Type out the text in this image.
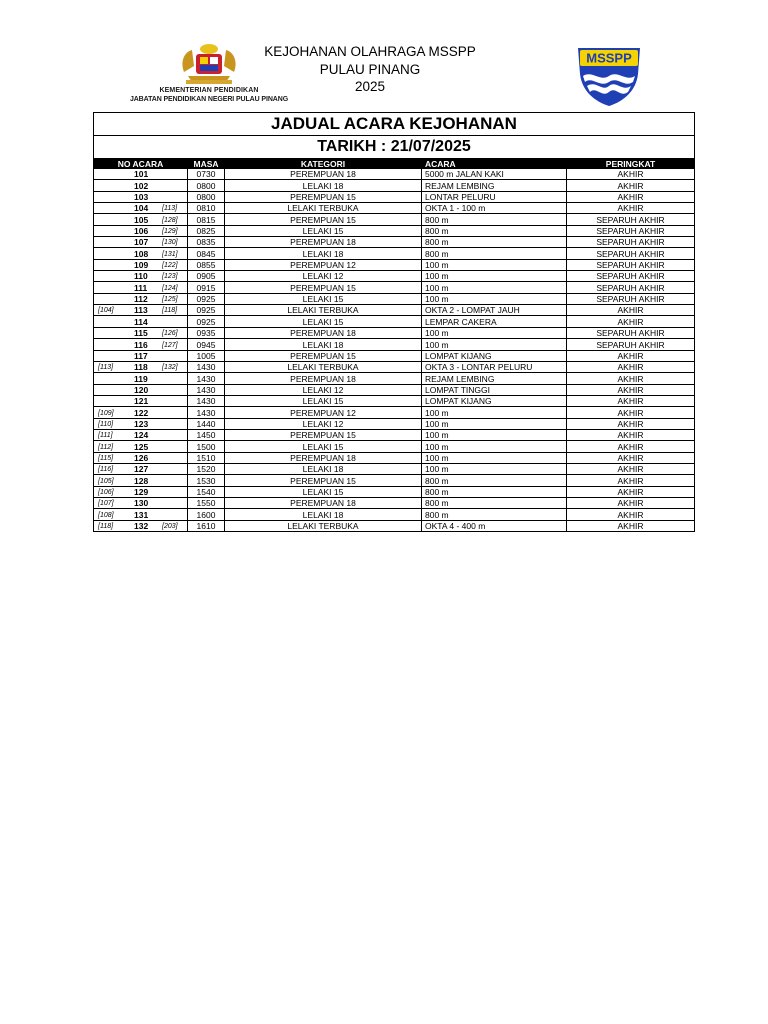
KEMENTERIAN PENDIDIKAN
JABATAN PENDIDIKAN NEGERI PULAU PINANG
KEJOHANAN OLAHRAGA MSSPP
PULAU PINANG
2025
MSSPP
JADUAL ACARA KEJOHANAN
TARIKH : 21/07/2025
NO ACARA	MASA	KATEGORI	ACARA	PERINGKAT

101	0730	PEREMPUAN 18	5000 m JALAN KAKI	AKHIR

102	0800	LELAKI 18	REJAM LEMBING	AKHIR

103	0800	PEREMPUAN 15	LONTAR PELURU	AKHIR

104 [113]	0810	LELAKI TERBUKA	OKTA 1 - 100 m	AKHIR

105 [128]	0815	PEREMPUAN 15	800 m	SEPARUH AKHIR

106 [129]	0825	LELAKI 15	800 m	SEPARUH AKHIR

107 [130]	0835	PEREMPUAN 18	800 m	SEPARUH AKHIR

108 [131]	0845	LELAKI 18	800 m	SEPARUH AKHIR

109 [122]	0855	PEREMPUAN 12	100 m	SEPARUH AKHIR

110 [123]	0905	LELAKI 12	100 m	SEPARUH AKHIR

111 [124]	0915	PEREMPUAN 15	100 m	SEPARUH AKHIR

112 [125]	0925	LELAKI 15	100 m	SEPARUH AKHIR

[104] 113 [118]	0925	LELAKI TERBUKA	OKTA 2 - LOMPAT JAUH	AKHIR

114	0925	LELAKI 15	LEMPAR CAKERA	AKHIR

115 [126]	0935	PEREMPUAN 18	100 m	SEPARUH AKHIR

116 [127]	0945	LELAKI 18	100 m	SEPARUH AKHIR

117	1005	PEREMPUAN 15	LOMPAT KIJANG	AKHIR

[113] 118 [132]	1430	LELAKI TERBUKA	OKTA 3 - LONTAR PELURU	AKHIR

119	1430	PEREMPUAN 18	REJAM LEMBING	AKHIR

120	1430	LELAKI 12	LOMPAT TINGGI	AKHIR

121	1430	LELAKI 15	LOMPAT KIJANG	AKHIR

[109] 122	1430	PEREMPUAN 12	100 m	AKHIR

[110] 123	1440	LELAKI 12	100 m	AKHIR

[111] 124	1450	PEREMPUAN 15	100 m	AKHIR

[112] 125	1500	LELAKI 15	100 m	AKHIR

[115] 126	1510	PEREMPUAN 18	100 m	AKHIR

[116] 127	1520	LELAKI 18	100 m	AKHIR

[105] 128	1530	PEREMPUAN 15	800 m	AKHIR

[106] 129	1540	LELAKI 15	800 m	AKHIR

[107] 130	1550	PEREMPUAN 18	800 m	AKHIR

[108] 131	1600	LELAKI 18	800 m	AKHIR

[118] 132 [203]	1610	LELAKI TERBUKA	OKTA 4 - 400 m	AKHIR
